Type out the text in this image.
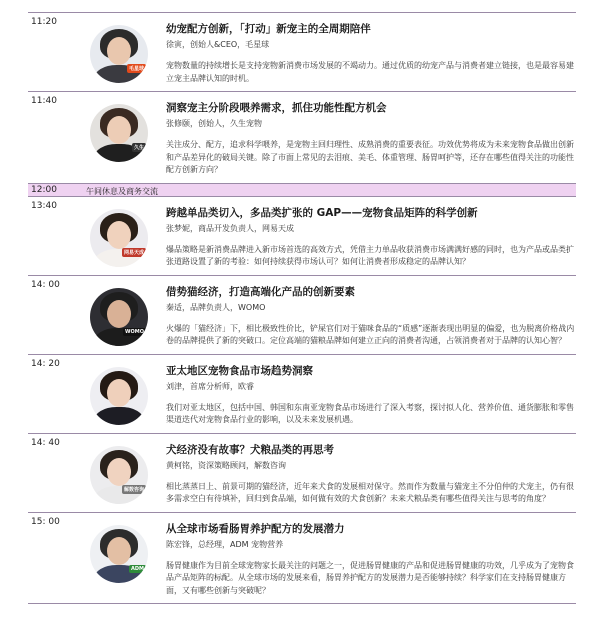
11:20
毛星球
幼宠配方创新，「打动」新宠主的全周期陪伴
徐寅，创始人&CEO，毛星球
宠物数量的持续增长是支持宠物新消费市场发展的不竭动力。通过优质的幼宠产品与消费者建立链接，也是最容易建立宠主品牌认知的时机。
11:40
久生
洞察宠主分阶段喂养需求，抓住功能性配方机会
张修颐，创始人，久生宠物
关注成分、配方，追求科学喂养，是宠物主回归理性、成熟消费的重要表征。功效优势将成为未来宠物食品做出创新和产品差异化的破局关键。除了市面上常见的去泪痕、美毛、体重管理、肠胃呵护等，还存在哪些值得关注的功能性配方创新方向？
12:00	午间休息及商务交流
13:40
网易天成
跨越单品类切入，多品类扩张的 GAP——宠物食品矩阵的科学创新
张梦妮，商品开发负责人，网易天成
爆品策略是新消费品牌进入新市场首选的高效方式，凭借主力单品收获消费市场满满好感的同时，也为产品或品类扩张道路设置了新的考验：如何持续获得市场认可？如何让消费者形成稳定的品牌认知？
14: 00
WOMO
借势猫经济，打造高端化产品的创新要素
秦适，品牌负责人，WOMO
火爆的「猫经济」下，相比极致性价比，铲屎官们对于猫咪食品的“质感”逐渐表现出明显的偏爱，也为脱离价格战内卷的品牌提供了新的突破口。定位高端的猫粮品牌如何建立正向的消费者沟通，占领消费者对于品牌的认知心智？
14: 20
亚太地区宠物食品市场趋势洞察
刘津，首席分析师，欧睿
我们对亚太地区，包括中国、韩国和东南亚宠物食品市场进行了深入考察，探讨拟人化、营养价值、通货膨胀和零售渠道迭代对宠物食品行业的影响，以及未来发展机遇。
14: 40
解数咨询
犬经济没有故事？犬粮品类的再思考
黄柯铭，资深策略顾问，解数咨询
相比蒸蒸日上、前景可期的猫经济，近年来犬食的发展相对保守。然而作为数量与猫宠主不分伯仲的犬宠主，仍有很多需求空白有待填补，回归到食品端，如何做有效的犬食创新？未来犬粮品类有哪些值得关注与思考的角度？
15: 00
ADM
从全球市场看肠胃养护配方的发展潜力
陈宏锋，总经理，ADM 宠物营养
肠胃健康作为目前全球宠物家长最关注的问题之一，促进肠胃健康的产品和促进肠胃健康的功效，几乎成为了宠物食品产品矩阵的标配。从全球市场的发展来看，肠胃养护配方的发展潜力是否能够持续？科学家们在支持肠胃健康方面，又有哪些创新与突破呢？
